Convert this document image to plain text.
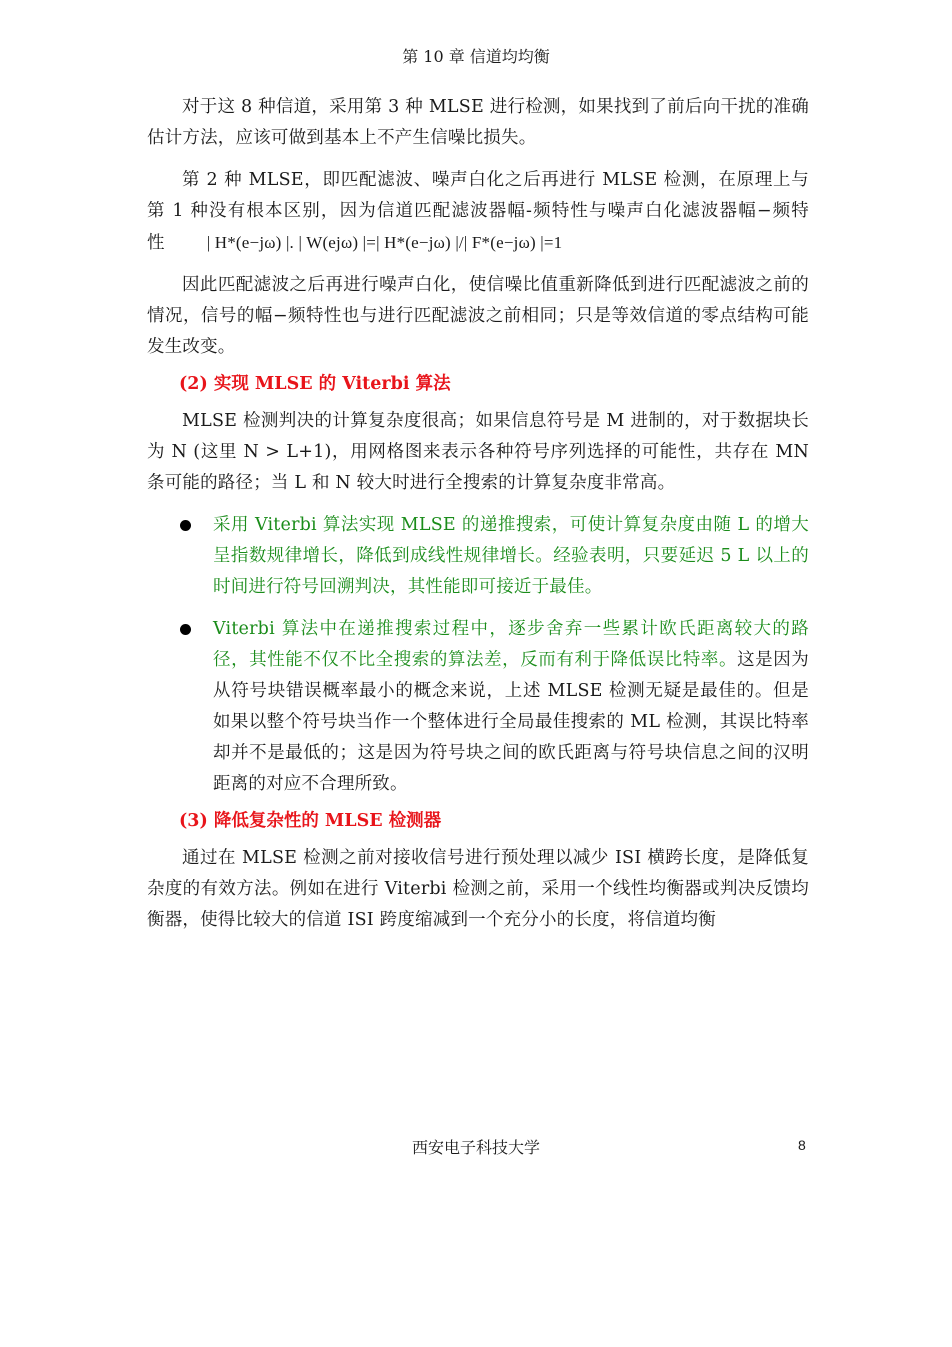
第 10 章 信道均均衡

对于这 8 种信道，采用第 3 种 MLSE 进行检测，如果找到了前后向干扰的准确估计方法，应该可做到基本上不产生信噪比损失。

第 2 种 MLSE，即匹配滤波、噪声白化之后再进行 MLSE 检测，在原理上与第 1 种没有根本区别，因为信道匹配滤波器幅-频特性与噪声白化滤波器幅−频特性 | H*(e−jω) |. | W(ejω) |=| H*(e−jω) |/| F*(e−jω) |=1

因此匹配滤波之后再进行噪声白化，使信噪比值重新降低到进行匹配滤波之前的情况，信号的幅−频特性也与进行匹配滤波之前相同；只是等效信道的零点结构可能发生改变。

(2) 实现 MLSE 的 Viterbi 算法

MLSE 检测判决的计算复杂度很高；如果信息符号是 M 进制的，对于数据块长为 N (这里 N > L+1)，用网格图来表示各种符号序列选择的可能性，共存在 MN 条可能的路径；当 L 和 N 较大时进行全搜索的计算复杂度非常高。

采用 Viterbi 算法实现 MLSE 的递推搜索，可使计算复杂度由随 L 的增大呈指数规律增长，降低到成线性规律增长。经验表明，只要延迟 5 L 以上的时间进行符号回溯判决，其性能即可接近于最佳。
Viterbi 算法中在递推搜索过程中，逐步舍弃一些累计欧氏距离较大的路径，其性能不仅不比全搜索的算法差，反而有利于降低误比特率。这是因为从符号块错误概率最小的概念来说，上述 MLSE 检测无疑是最佳的。但是如果以整个符号块当作一个整体进行全局最佳搜索的 ML 检测，其误比特率却并不是最低的；这是因为符号块之间的欧氏距离与符号块信息之间的汉明距离的对应不合理所致。

(3) 降低复杂性的 MLSE 检测器

通过在 MLSE 检测之前对接收信号进行预处理以减少 ISI 横跨长度，是降低复杂度的有效方法。例如在进行 Viterbi 检测之前，采用一个线性均衡器或判决反馈均衡器，使得比较大的信道 ISI 跨度缩减到一个充分小的长度，将信道均衡

西安电子科技大学	8
